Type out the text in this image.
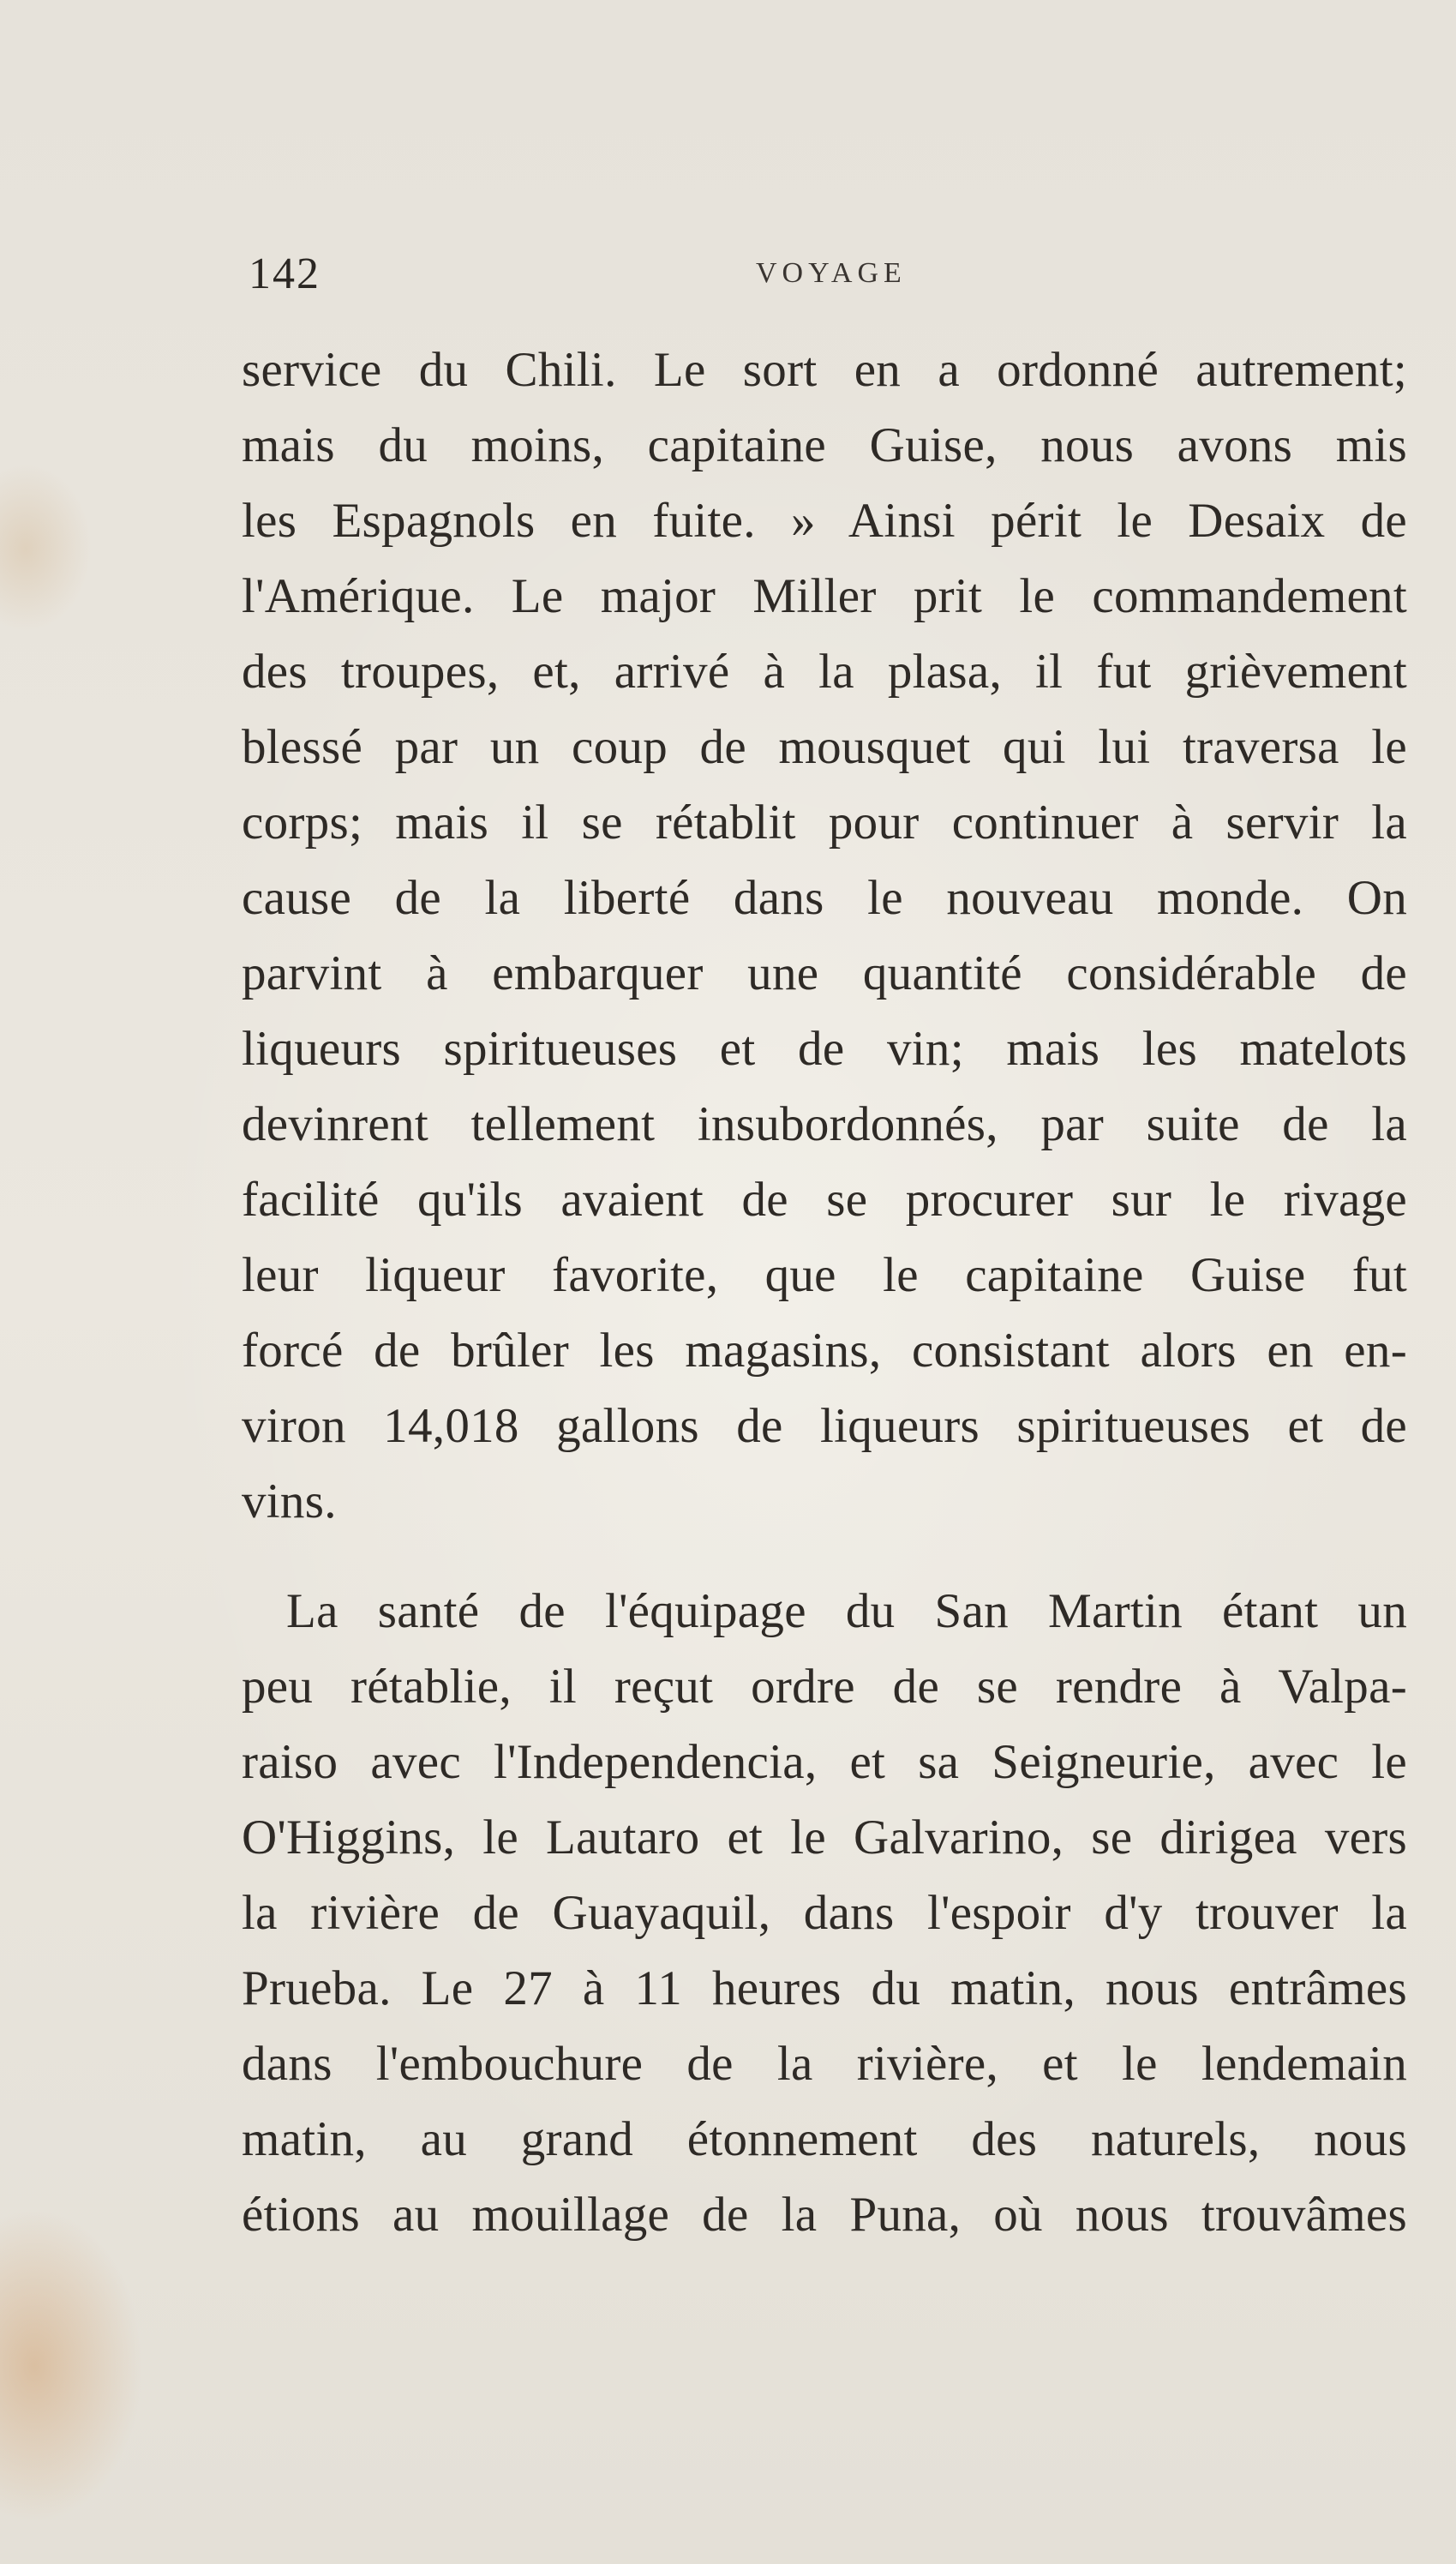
142	VOYAGE
service du Chili. Le sort en a ordonné autrement;
mais du moins, capitaine Guise, nous avons mis
les Espagnols en fuite. » Ainsi périt le Desaix de
l'Amérique. Le major Miller prit le commandement
des troupes, et, arrivé à la plasa, il fut grièvement
blessé par un coup de mousquet qui lui traversa le
corps; mais il se rétablit pour continuer à servir la
cause de la liberté dans le nouveau monde. On
parvint à embarquer une quantité considérable de
liqueurs spiritueuses et de vin; mais les matelots
devinrent tellement insubordonnés, par suite de la
facilité qu'ils avaient de se procurer sur le rivage
leur liqueur favorite, que le capitaine Guise fut
forcé de brûler les magasins, consistant alors en en-
viron 14,018 gallons de liqueurs spiritueuses et de
vins.
La santé de l'équipage du San Martin étant un
peu rétablie, il reçut ordre de se rendre à Valpa-
raiso avec l'Independencia, et sa Seigneurie, avec le
O'Higgins, le Lautaro et le Galvarino, se dirigea vers
la rivière de Guayaquil, dans l'espoir d'y trouver la
Prueba. Le 27 à 11 heures du matin, nous entrâmes
dans l'embouchure de la rivière, et le lendemain
matin, au grand étonnement des naturels, nous
étions au mouillage de la Puna, où nous trouvâmes
